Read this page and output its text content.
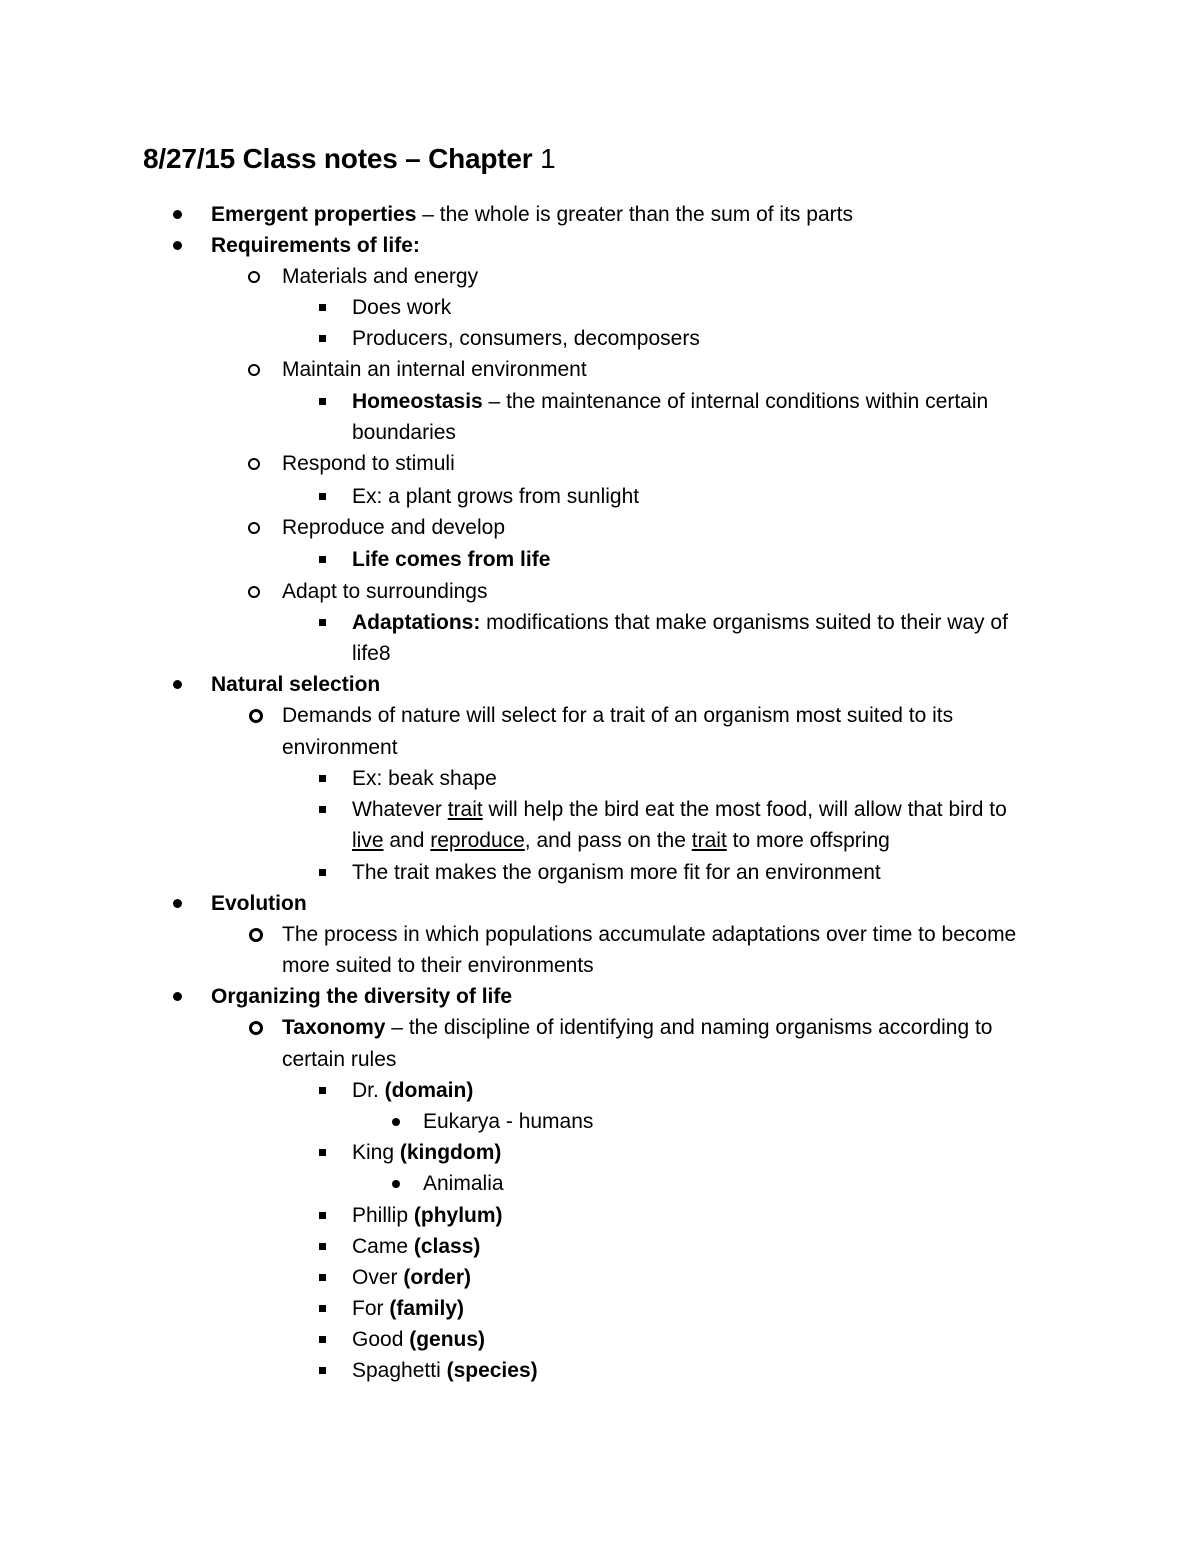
8/27/15 Class notes – Chapter 1
Emergent properties – the whole is greater than the sum of its parts
Requirements of life:
Materials and energy
Does work
Producers, consumers, decomposers
Maintain an internal environment
Homeostasis – the maintenance of internal conditions within certain
boundaries
Respond to stimuli
Ex: a plant grows from sunlight
Reproduce and develop
Life comes from life
Adapt to surroundings
Adaptations: modifications that make organisms suited to their way of
life8
Natural selection
Demands of nature will select for a trait of an organism most suited to its
environment
Ex: beak shape
Whatever trait will help the bird eat the most food, will allow that bird to
live and reproduce, and pass on the trait to more offspring
The trait makes the organism more fit for an environment
Evolution
The process in which populations accumulate adaptations over time to become
more suited to their environments
Organizing the diversity of life
Taxonomy – the discipline of identifying and naming organisms according to
certain rules
Dr. (domain)
Eukarya - humans
King (kingdom)
Animalia
Phillip (phylum)
Came (class)
Over (order)
For (family)
Good (genus)
Spaghetti (species)
